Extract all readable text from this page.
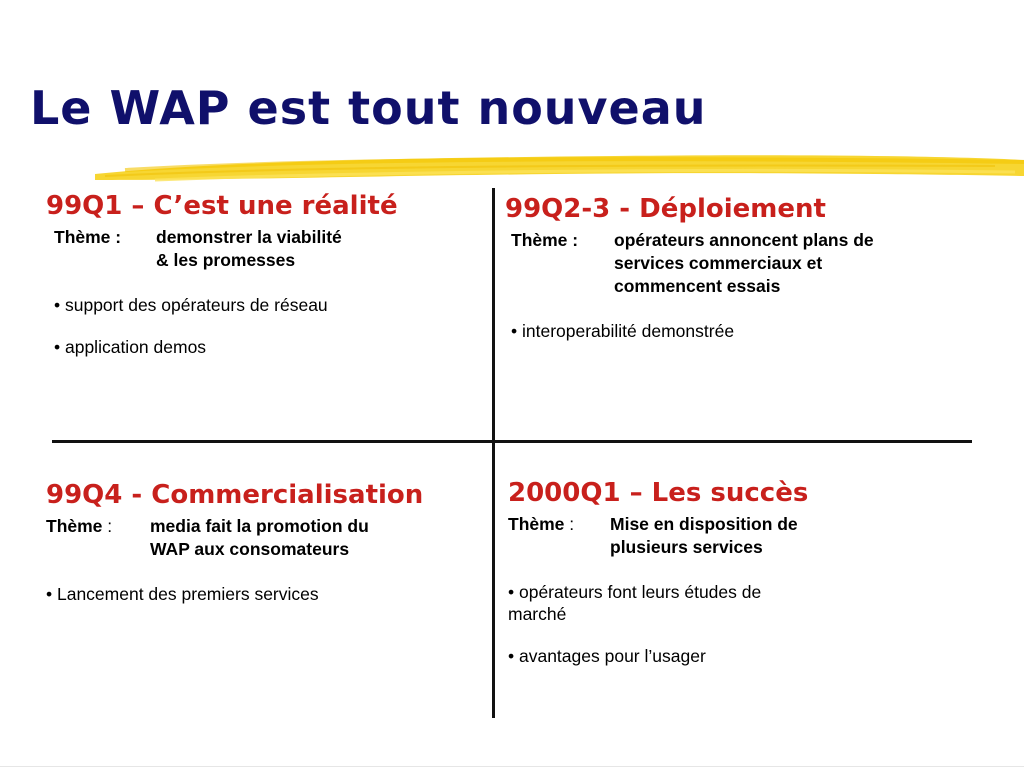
Le WAP est tout nouveau
99Q1 – C’est une réalité
Thème :	demonstrer la viabilité
& les promesses
• support des opérateurs de réseau
• application demos
99Q2-3 - Déploiement
Thème :	opérateurs annoncent plans de
services commerciaux et
commencent essais
• interoperabilité demonstrée
99Q4 - Commercialisation
Thème :	media fait la promotion du
WAP aux consomateurs
• Lancement des premiers services
2000Q1 – Les succès
Thème :	Mise en disposition de
plusieurs services
• opérateurs font leurs études de
marché
• avantages pour l’usager
